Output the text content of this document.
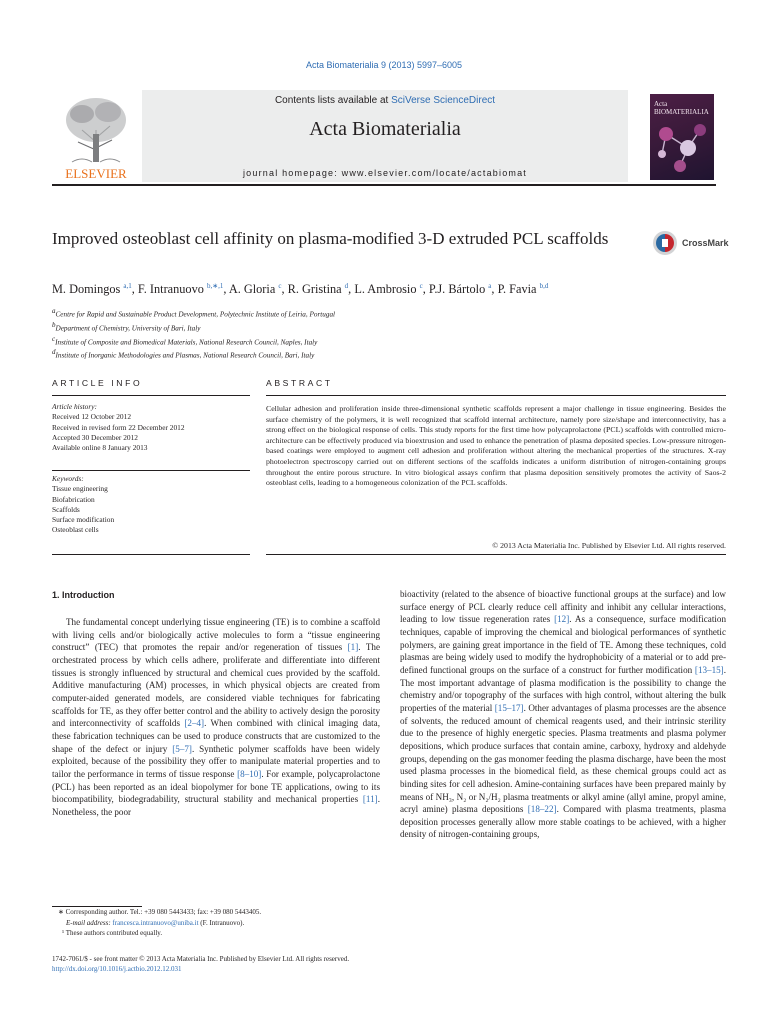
Acta Biomaterialia 9 (2013) 5997–6005
ELSEVIER
Contents lists available at SciVerse ScienceDirect
Acta Biomaterialia
journal homepage: www.elsevier.com/locate/actabiomat
Acta BIOMATERIALIA
Improved osteoblast cell affinity on plasma-modified 3-D extruded PCL scaffolds	CrossMark
M. Domingos $^{a,1}$, F. Intranuovo $^{b,∗,1}$, A. Gloria $^c$, R. Gristina $^d$, L. Ambrosio $^c$, P.J. Bártolo $^a$, P. Favia $^{b,d}$
$^a$Centre for Rapid and Sustainable Product Development, Polytechnic Institute of Leiria, Portugal
$^b$Department of Chemistry, University of Bari, Italy
$^c$Institute of Composite and Biomedical Materials, National Research Council, Naples, Italy
$^d$Institute of Inorganic Methodologies and Plasmas, National Research Council, Bari, Italy
ARTICLE INFO	ABSTRACT
Article history:
Received 12 October 2012
Received in revised form 22 December 2012
Accepted 30 December 2012
Available online 8 January 2013
Keywords:
Tissue engineering
Biofabrication
Scaffolds
Surface modification
Osteoblast cells
Cellular adhesion and proliferation inside three-dimensional synthetic scaffolds represent a major challenge in tissue engineering. Besides the surface chemistry of the polymers, it is well recognized that scaffold internal architecture, namely pore size/shape and interconnectivity, has a strong effect on the biological response of cells. This study reports for the first time how polycaprolactone (PCL) scaffolds with controlled micro-architecture can be effectively produced via bioextrusion and used to enhance the penetration of plasma deposited species. Low-pressure nitrogen-based coatings were employed to augment cell adhesion and proliferation without altering the mechanical properties of the structures. X-ray photoelectron spectroscopy carried out on different sections of the scaffolds indicates a uniform distribution of nitrogen-containing groups throughout the entire porous structure. In vitro biological assays confirm that plasma deposition sensitively promotes the activity of Saos-2 osteoblast cells, leading to a homogeneous colonization of the PCL scaffolds.
© 2013 Acta Materialia Inc. Published by Elsevier Ltd. All rights reserved.
1. Introduction
The fundamental concept underlying tissue engineering (TE) is to combine a scaffold with living cells and/or biologically active molecules to form a “tissue engineering construct” (TEC) that promotes the repair and/or regeneration of tissues [1]. The orchestrated process by which cells adhere, proliferate and differentiate into different tissues is strongly influenced by structural and chemical cues provided by the scaffold. Additive manufacturing (AM) processes, in which physical objects are created from computer-aided generated models, are considered viable techniques for fabricating scaffolds for TE, as they offer better control and the ability to actively design the porosity and interconnectivity of scaffolds [2–4]. When combined with clinical imaging data, these fabrication techniques can be used to produce constructs that are customized to the shape of the defect or injury [5–7]. Synthetic polymer scaffolds have been widely exploited, because of the possibility they offer to manipulate material properties and to tailor the performance in terms of tissue response [8–10]. For example, polycaprolactone (PCL) has been reported as an ideal biopolymer for bone TE applications, owing to its biocompatibility, biodegradability, structural stability and mechanical properties [11]. Nonetheless, the poor
bioactivity (related to the absence of bioactive functional groups at the surface) and low surface energy of PCL clearly reduce cell affinity and inhibit any cellular interactions, leading to low tissue regeneration rates [12]. As a consequence, surface modification techniques, capable of improving the chemical and biological performances of synthetic polymers, are gaining great importance in the field of TE. Among these techniques, cold plasmas are being widely used to modify the hydrophobicity of a material or to add pre-defined functional groups on the surface of a construct for further modification [13–15]. The most important advantage of plasma modification is the possibility to change the chemistry and/or topography of the surfaces with high control, without altering the bulk properties of the material [15–17]. Other advantages of plasma processes are the absence of solvents, the reduced amount of chemical reagents used, and their intrinsic sterility due to the presence of highly energetic species. Plasma treatments and plasma polymer depositions, which produce surfaces that contain amine, carboxy, hydroxy and aldehyde groups, depending on the gas monomer feeding the plasma discharge, have been the most used plasma processes in the biomedical field, as these chemical groups could act as binding sites for cell adhesion. Amine-containing surfaces have been prepared mainly by means of NH₃, N₂ or N₂/H₂ plasma treatments or alkyl amine (allyl amine, propyl amine, acryl amine) plasma depositions [18–22]. Compared with plasma treatments, plasma deposition processes generally allow more stable coatings to be achieved, with a higher density of nitrogen-containing groups,
∗ Corresponding author. Tel.: +39 080 5443433; fax: +39 080 5443405.
E-mail address: francesca.intranuovo@uniba.it (F. Intranuovo).
¹ These authors contributed equally.
1742-7061/$ - see front matter © 2013 Acta Materialia Inc. Published by Elsevier Ltd. All rights reserved.
http://dx.doi.org/10.1016/j.actbio.2012.12.031
